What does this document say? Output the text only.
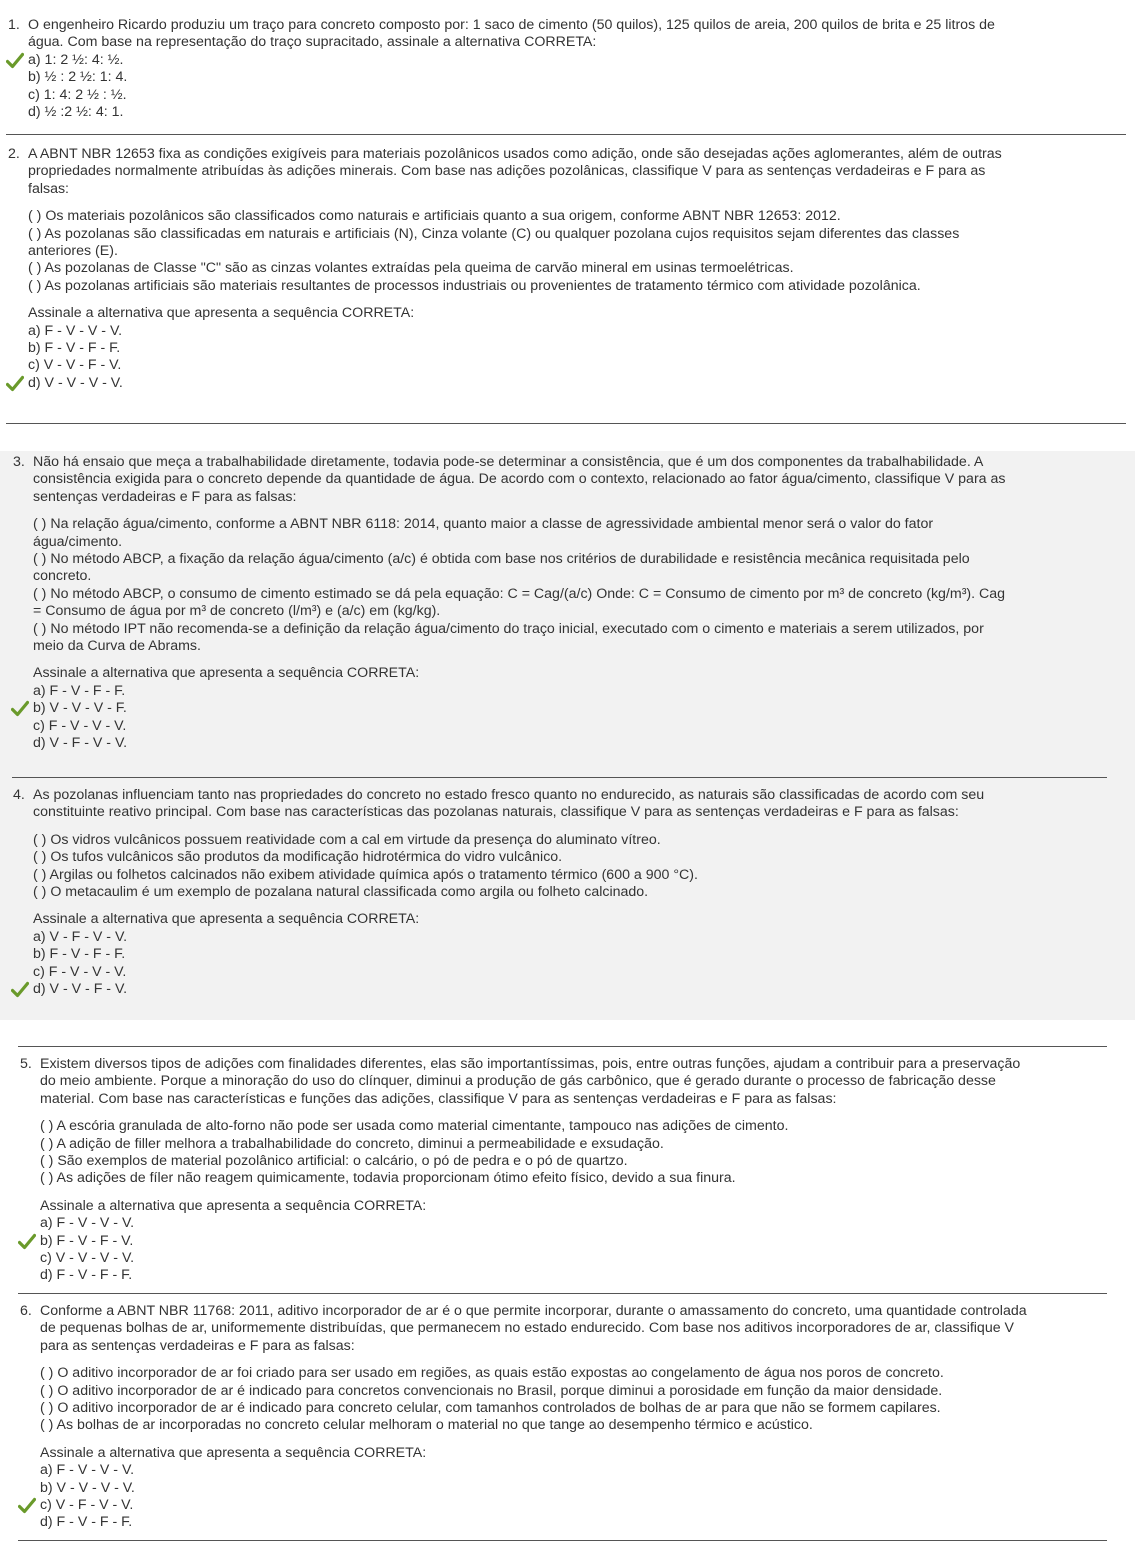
1. O engenheiro Ricardo produziu um traço para concreto composto por: 1 saco de cimento (50 quilos), 125 quilos de areia, 200 quilos de brita e 25 litros de

água. Com base na representação do traço supracitado, assinale a alternativa CORRETA:

a) 1: 2 ½: 4: ½.

b) ½ : 2 ½: 1: 4.

c) 1: 4: 2 ½ : ½.

d) ½ :2 ½: 4: 1.

2. A ABNT NBR 12653 fixa as condições exigíveis para materiais pozolânicos usados como adição, onde são desejadas ações aglomerantes, além de outras

propriedades normalmente atribuídas às adições minerais. Com base nas adições pozolânicas, classifique V para as sentenças verdadeiras e F para as

falsas:

( ) Os materiais pozolânicos são classificados como naturais e artificiais quanto a sua origem, conforme ABNT NBR 12653: 2012.

( ) As pozolanas são classificadas em naturais e artificiais (N), Cinza volante (C) ou qualquer pozolana cujos requisitos sejam diferentes das classes

anteriores (E).

( ) As pozolanas de Classe "C" são as cinzas volantes extraídas pela queima de carvão mineral em usinas termoelétricas.

( ) As pozolanas artificiais são materiais resultantes de processos industriais ou provenientes de tratamento térmico com atividade pozolânica.

Assinale a alternativa que apresenta a sequência CORRETA:

a) F - V - V - V.

b) F - V - F - F.

c) V - V - F - V.

d) V - V - V - V.

3. Não há ensaio que meça a trabalhabilidade diretamente, todavia pode-se determinar a consistência, que é um dos componentes da trabalhabilidade. A

consistência exigida para o concreto depende da quantidade de água. De acordo com o contexto, relacionado ao fator água/cimento, classifique V para as

sentenças verdadeiras e F para as falsas:

( ) Na relação água/cimento, conforme a ABNT NBR 6118: 2014, quanto maior a classe de agressividade ambiental menor será o valor do fator

água/cimento.

( ) No método ABCP, a fixação da relação água/cimento (a/c) é obtida com base nos critérios de durabilidade e resistência mecânica requisitada pelo

concreto.

( ) No método ABCP, o consumo de cimento estimado se dá pela equação: C = Cag/(a/c) Onde: C = Consumo de cimento por m³ de concreto (kg/m³). Cag

= Consumo de água por m³ de concreto (l/m³) e (a/c) em (kg/kg).

( ) No método IPT não recomenda-se a definição da relação água/cimento do traço inicial, executado com o cimento e materiais a serem utilizados, por

meio da Curva de Abrams.

Assinale a alternativa que apresenta a sequência CORRETA:

a) F - V - F - F.

b) V - V - V - F.

c) F - V - V - V.

d) V - F - V - V.

4. As pozolanas influenciam tanto nas propriedades do concreto no estado fresco quanto no endurecido, as naturais são classificadas de acordo com seu

constituinte reativo principal. Com base nas características das pozolanas naturais, classifique V para as sentenças verdadeiras e F para as falsas:

( ) Os vidros vulcânicos possuem reatividade com a cal em virtude da presença do aluminato vítreo.

( ) Os tufos vulcânicos são produtos da modificação hidrotérmica do vidro vulcânico.

( ) Argilas ou folhetos calcinados não exibem atividade química após o tratamento térmico (600 a 900 °C).

( ) O metacaulim é um exemplo de pozalana natural classificada como argila ou folheto calcinado.

Assinale a alternativa que apresenta a sequência CORRETA:

a) V - F - V - V.

b) F - V - F - F.

c) F - V - V - V.

d) V - V - F - V.

5. Existem diversos tipos de adições com finalidades diferentes, elas são importantíssimas, pois, entre outras funções, ajudam a contribuir para a preservação

do meio ambiente. Porque a minoração do uso do clínquer, diminui a produção de gás carbônico, que é gerado durante o processo de fabricação desse

material. Com base nas características e funções das adições, classifique V para as sentenças verdadeiras e F para as falsas:

( ) A escória granulada de alto-forno não pode ser usada como material cimentante, tampouco nas adições de cimento.

( ) A adição de filler melhora a trabalhabilidade do concreto, diminui a permeabilidade e exsudação.

( ) São exemplos de material pozolânico artificial: o calcário, o pó de pedra e o pó de quartzo.

( ) As adições de fíler não reagem quimicamente, todavia proporcionam ótimo efeito físico, devido a sua finura.

Assinale a alternativa que apresenta a sequência CORRETA:

a) F - V - V - V.

b) F - V - F - V.

c) V - V - V - V.

d) F - V - F - F.

6. Conforme a ABNT NBR 11768: 2011, aditivo incorporador de ar é o que permite incorporar, durante o amassamento do concreto, uma quantidade controlada

de pequenas bolhas de ar, uniformemente distribuídas, que permanecem no estado endurecido. Com base nos aditivos incorporadores de ar, classifique V

para as sentenças verdadeiras e F para as falsas:

( ) O aditivo incorporador de ar foi criado para ser usado em regiões, as quais estão expostas ao congelamento de água nos poros de concreto.

( ) O aditivo incorporador de ar é indicado para concretos convencionais no Brasil, porque diminui a porosidade em função da maior densidade.

( ) O aditivo incorporador de ar é indicado para concreto celular, com tamanhos controlados de bolhas de ar para que não se formem capilares.

( ) As bolhas de ar incorporadas no concreto celular melhoram o material no que tange ao desempenho térmico e acústico.

Assinale a alternativa que apresenta a sequência CORRETA:

a) F - V - V - V.

b) V - V - V - V.

c) V - F - V - V.

d) F - V - F - F.
